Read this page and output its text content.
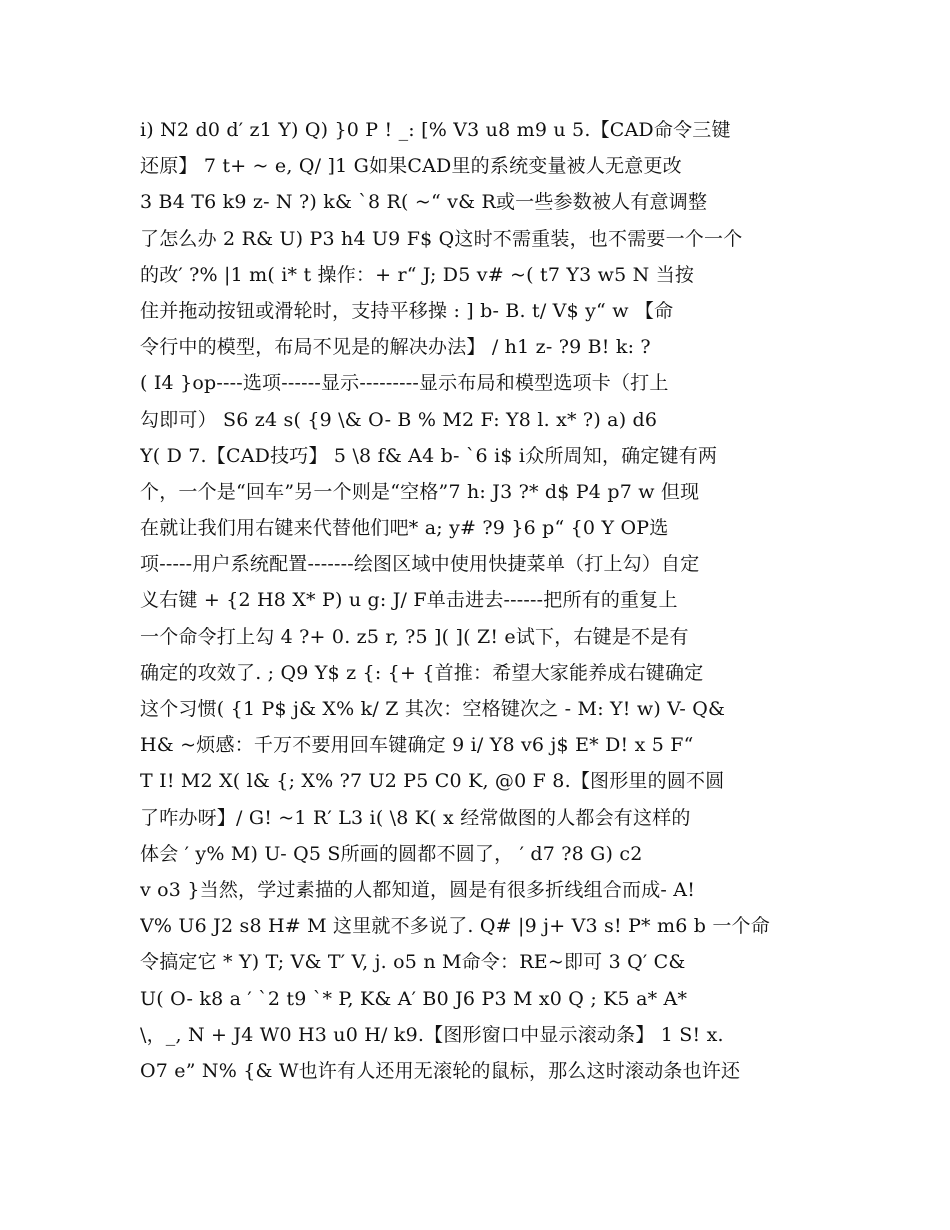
i) N2 d0 d′ z1 Y) Q) }0 P ! _: [% V3 u8 m9 u 5.【CAD命令三键
还原】 7 t+ ~ e, Q/ ]1 G如果CAD里的系统变量被人无意更改
3 B4 T6 k9 z- N ?) k& `8 R( ~“ v& R或一些参数被人有意调整
了怎么办 2 R& U) P3 h4 U9 F$ Q这时不需重装，也不需要一个一个
的改′ ?% |1 m( i* t 操作：+ r“ J; D5 v# ~( t7 Y3 w5 N 当按
住并拖动按钮或滑轮时，支持平移操 : ] b- B. t/ V$ y“ w 【命
令行中的模型，布局不见是的解决办法】 / h1 z- ?9 B! k: ?
( I4 }op----选项------显示---------显示布局和模型选项卡（打上
勾即可） S6 z4 s( {9 \& O- B % M2 F: Y8 l. x* ?) a) d6
Y( D 7.【CAD技巧】 5 \8 f& A4 b- `6 i$ i众所周知，确定键有两
个，一个是“回车”另一个则是“空格”7 h: J3 ?* d$ P4 p7 w 但现
在就让我们用右键来代替他们吧* a; y# ?9 }6 p“ {0 Y OP选
项-----用户系统配置-------绘图区域中使用快捷菜单（打上勾）自定
义右键 + {2 H8 X* P) u g: J/ F单击进去------把所有的重复上
一个命令打上勾 4 ?+ 0. z5 r, ?5 ]( ]( Z! e试下，右键是不是有
确定的攻效了. ; Q9 Y$ z {: {+ {首推：希望大家能养成右键确定
这个习惯( {1 P$ j& X% k/ Z 其次：空格键次之 - M: Y! w) V- Q&
H& ~烦感：千万不要用回车键确定 9 i/ Y8 v6 j$ E* D! x 5 F“
T I! M2 X( l& {; X% ?7 U2 P5 C0 K, @0 F 8.【图形里的圆不圆
了咋办呀】/ G! ~1 R′ L3 i( \8 K( x 经常做图的人都会有这样的
体会 ′ y% M) U- Q5 S所画的圆都不圆了， ′ d7 ?8 G) c2
v o3 }当然，学过素描的人都知道，圆是有很多折线组合而成- A!
V% U6 J2 s8 H# M 这里就不多说了. Q# |9 j+ V3 s! P* m6 b 一个命
令搞定它 * Y) T; V& T′ V, j. o5 n M命令：RE~即可 3 Q′ C&
U( O- k8 a ′ `2 t9 `* P, K& A′ B0 J6 P3 M x0 Q ; K5 a* A*
\，_, N + J4 W0 H3 u0 H/ k9.【图形窗口中显示滚动条】 1 S! x.
O7 e” N% {& W也许有人还用无滚轮的鼠标，那么这时滚动条也许还
